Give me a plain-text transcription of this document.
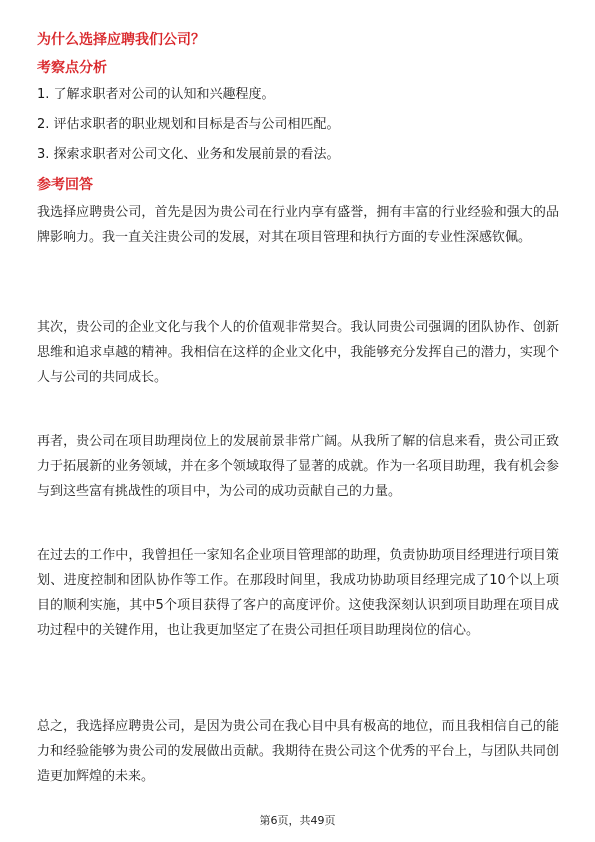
为什么选择应聘我们公司？
考察点分析
1. 了解求职者对公司的认知和兴趣程度。
2. 评估求职者的职业规划和目标是否与公司相匹配。
3. 探索求职者对公司文化、业务和发展前景的看法。
参考回答
我选择应聘贵公司，首先是因为贵公司在行业内享有盛誉，拥有丰富的行业经验和强大的品牌影响力。我一直关注贵公司的发展，对其在项目管理和执行方面的专业性深感钦佩。
其次，贵公司的企业文化与我个人的价值观非常契合。我认同贵公司强调的团队协作、创新思维和追求卓越的精神。我相信在这样的企业文化中，我能够充分发挥自己的潜力，实现个人与公司的共同成长。
再者，贵公司在项目助理岗位上的发展前景非常广阔。从我所了解的信息来看，贵公司正致力于拓展新的业务领域，并在多个领域取得了显著的成就。作为一名项目助理，我有机会参与到这些富有挑战性的项目中，为公司的成功贡献自己的力量。
在过去的工作中，我曾担任一家知名企业项目管理部的助理，负责协助项目经理进行项目策划、进度控制和团队协作等工作。在那段时间里，我成功协助项目经理完成了10个以上项目的顺利实施，其中5个项目获得了客户的高度评价。这使我深刻认识到项目助理在项目成功过程中的关键作用，也让我更加坚定了在贵公司担任项目助理岗位的信心。
总之，我选择应聘贵公司，是因为贵公司在我心目中具有极高的地位，而且我相信自己的能力和经验能够为贵公司的发展做出贡献。我期待在贵公司这个优秀的平台上，与团队共同创造更加辉煌的未来。
第6页，共49页
